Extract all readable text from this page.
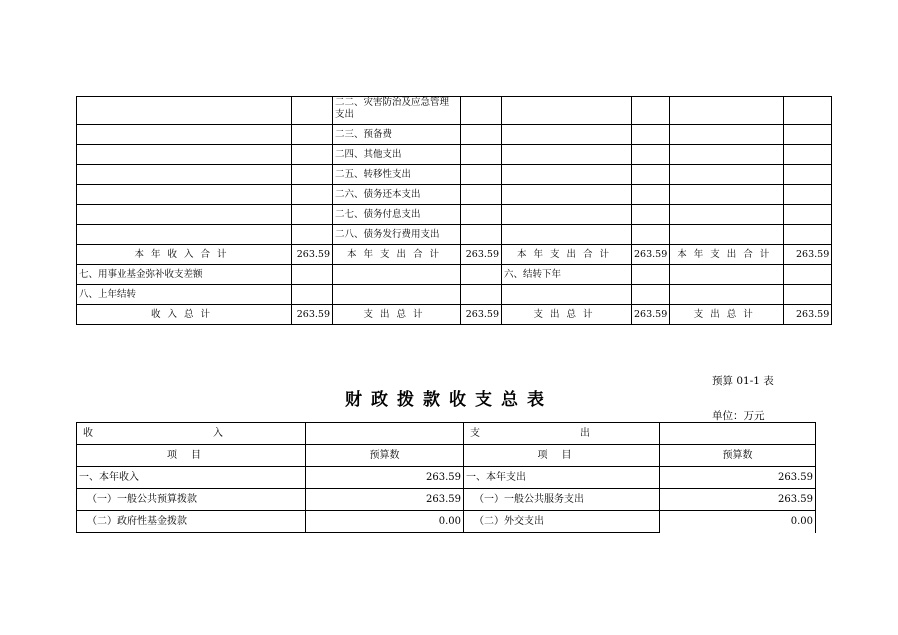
		二二、灾害防治及应急管理支出					
		二三、预备费					
		二四、其他支出					
		二五、转移性支出					
		二六、债务还本支出					
		二七、债务付息支出					
		二八、债务发行费用支出					
本年收入合计	263.59	本年支出合计	263.59	本年支出合计	263.59	本年支出合计	263.59
七、用事业基金弥补收支差额				六、结转下年			
八、上年结转							
收入总计	263.59	支出总计	263.59	支出总计	263.59	支出总计	263.59
预算 01-1 表
财政拨款收支总表
单位：万元
收入		支出	
项目	预算数	项目	预算数
一、本年收入	263.59	一、本年支出	263.59
（一）一般公共预算拨款	263.59	（一）一般公共服务支出	263.59
（二）政府性基金拨款	0.00	（二）外交支出	0.00
